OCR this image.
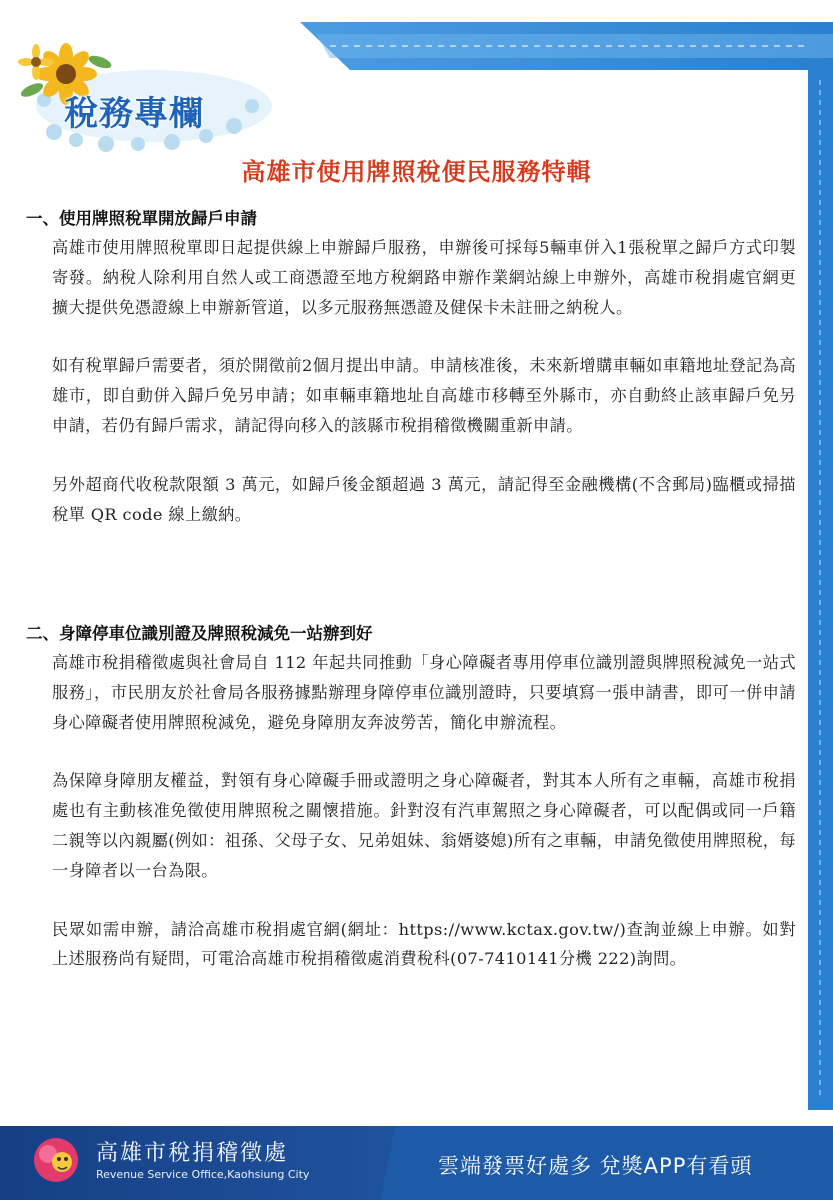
稅務專欄
高雄市使用牌照稅便民服務特輯
一、使用牌照稅單開放歸戶申請

高雄市使用牌照稅單即日起提供線上申辦歸戶服務，申辦後可採每5輛車併入1張稅單之歸戶方式印製寄發。納稅人除利用自然人或工商憑證至地方稅網路申辦作業網站線上申辦外，高雄市稅捐處官網更擴大提供免憑證線上申辦新管道，以多元服務無憑證及健保卡未註冊之納稅人。

如有稅單歸戶需要者，須於開徵前2個月提出申請。申請核准後，未來新增購車輛如車籍地址登記為高雄市，即自動併入歸戶免另申請；如車輛車籍地址自高雄市移轉至外縣市，亦自動終止該車歸戶免另申請，若仍有歸戶需求，請記得向移入的該縣市稅捐稽徵機關重新申請。

另外超商代收稅款限額 3 萬元，如歸戶後金額超過 3 萬元，請記得至金融機構(不含郵局)臨櫃或掃描稅單 QR code 線上繳納。

二、身障停車位識別證及牌照稅減免一站辦到好

高雄市稅捐稽徵處與社會局自 112 年起共同推動「身心障礙者專用停車位識別證與牌照稅減免一站式服務」，市民朋友於社會局各服務據點辦理身障停車位識別證時，只要填寫一張申請書，即可一併申請身心障礙者使用牌照稅減免，避免身障朋友奔波勞苦，簡化申辦流程。

為保障身障朋友權益，對領有身心障礙手冊或證明之身心障礙者，對其本人所有之車輛，高雄市稅捐處也有主動核准免徵使用牌照稅之關懷措施。針對沒有汽車駕照之身心障礙者，可以配偶或同一戶籍二親等以內親屬(例如：祖孫、父母子女、兄弟姐妹、翁婿婆媳)所有之車輛，申請免徵使用牌照稅，每一身障者以一台為限。

民眾如需申辦，請洽高雄市稅捐處官網(網址：https://www.kctax.gov.tw/)查詢並線上申辦。如對上述服務尚有疑問，可電洽高雄市稅捐稽徵處消費稅科(07-7410141分機 222)詢問。

高雄市稅捐稽徵處
Revenue Service Office,Kaohsiung City	雲端發票好處多 兌獎APP有看頭
